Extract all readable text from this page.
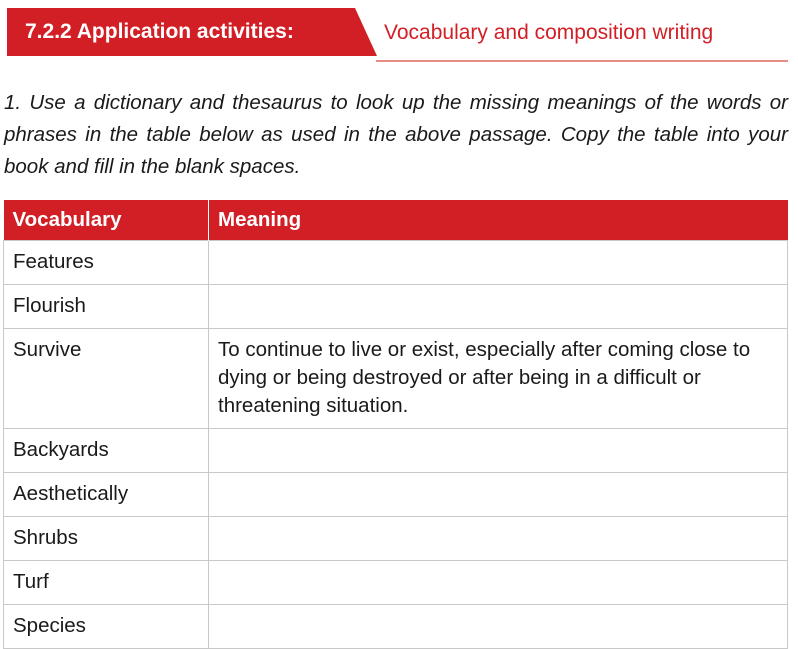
7.2.2 Application activities:	Vocabulary and composition writing

1. Use a dictionary and thesaurus to look up the missing meanings of the words or phrases in the table below as used in the above passage. Copy the table into your book and fill in the blank spaces.

Vocabulary	Meaning
Features	
Flourish	
Survive	To continue to live or exist, especially after coming close to dying or being destroyed or after being in a difficult or threatening situation.
Backyards	
Aesthetically	
Shrubs	
Turf	
Species	
